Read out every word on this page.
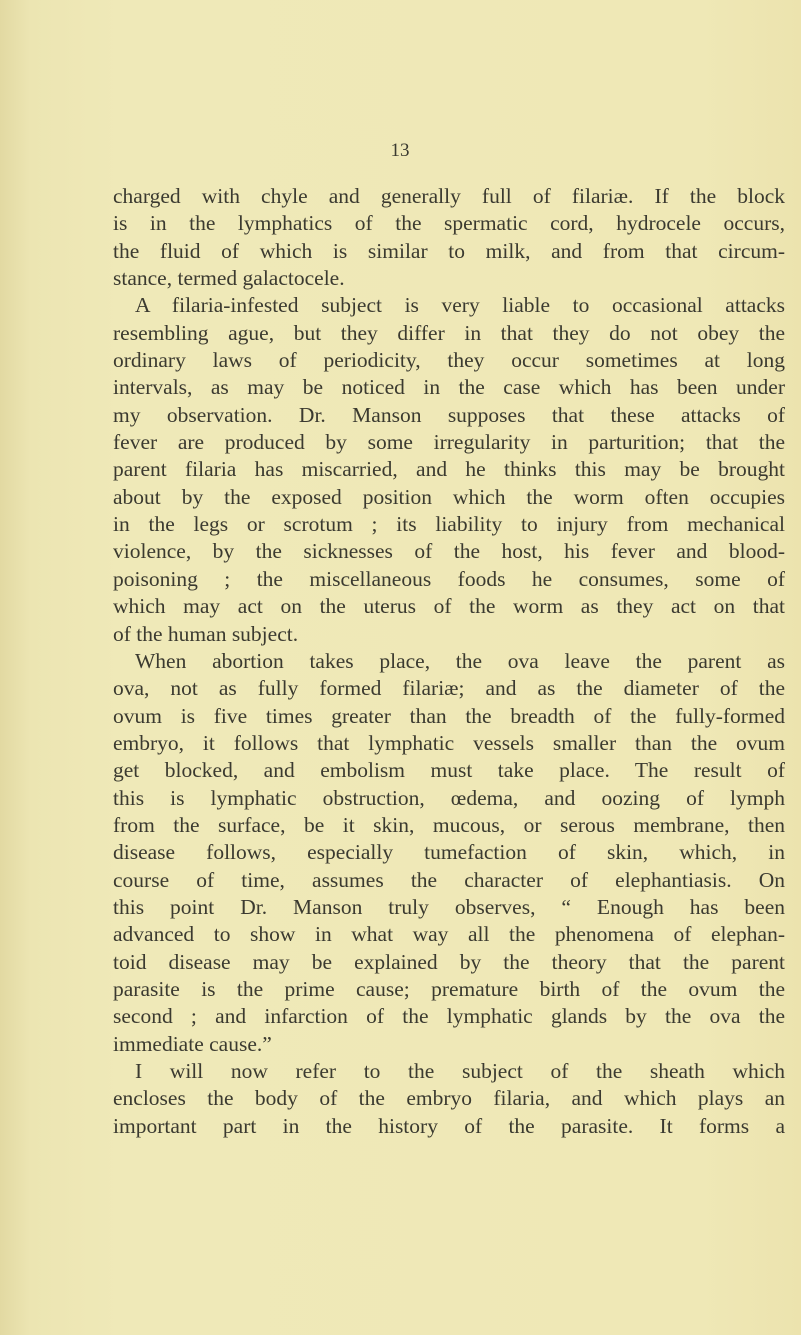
13
charged with chyle and generally full of filariæ. If the block
is in the lymphatics of the spermatic cord, hydrocele occurs,
the fluid of which is similar to milk, and from that circum-
stance, termed galactocele.
A filaria-infested subject is very liable to occasional attacks
resembling ague, but they differ in that they do not obey the
ordinary laws of periodicity, they occur sometimes at long
intervals, as may be noticed in the case which has been under
my observation. Dr. Manson supposes that these attacks of
fever are produced by some irregularity in parturition; that the
parent filaria has miscarried, and he thinks this may be brought
about by the exposed position which the worm often occupies
in the legs or scrotum ; its liability to injury from mechanical
violence, by the sicknesses of the host, his fever and blood-
poisoning ; the miscellaneous foods he consumes, some of
which may act on the uterus of the worm as they act on that
of the human subject.
When abortion takes place, the ova leave the parent as
ova, not as fully formed filariæ; and as the diameter of the
ovum is five times greater than the breadth of the fully-formed
embryo, it follows that lymphatic vessels smaller than the ovum
get blocked, and embolism must take place. The result of
this is lymphatic obstruction, œdema, and oozing of lymph
from the surface, be it skin, mucous, or serous membrane, then
disease follows, especially tumefaction of skin, which, in
course of time, assumes the character of elephantiasis. On
this point Dr. Manson truly observes, “ Enough has been
advanced to show in what way all the phenomena of elephan-
toid disease may be explained by the theory that the parent
parasite is the prime cause; premature birth of the ovum the
second ; and infarction of the lymphatic glands by the ova the
immediate cause.”
I will now refer to the subject of the sheath which
encloses the body of the embryo filaria, and which plays an
important part in the history of the parasite. It forms a
